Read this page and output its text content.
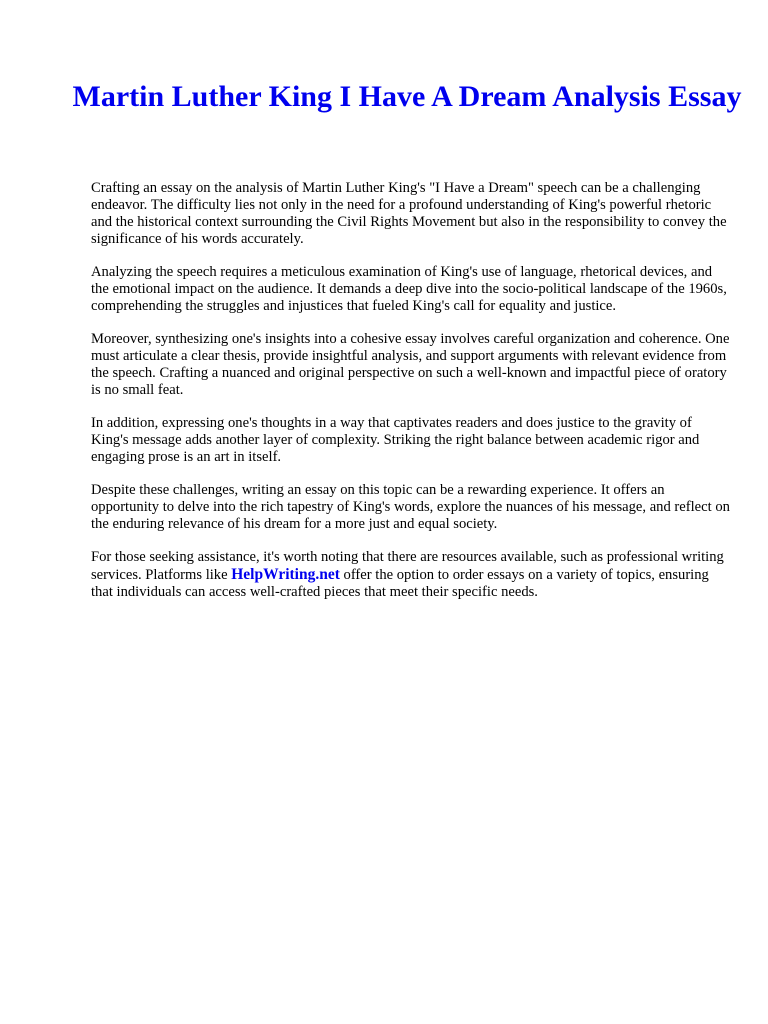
Martin Luther King I Have A Dream Analysis Essay

Crafting an essay on the analysis of Martin Luther King's "I Have a Dream" speech can be a challenging endeavor. The difficulty lies not only in the need for a profound understanding of King's powerful rhetoric and the historical context surrounding the Civil Rights Movement but also in the responsibility to convey the significance of his words accurately.

Analyzing the speech requires a meticulous examination of King's use of language, rhetorical devices, and the emotional impact on the audience. It demands a deep dive into the socio-political landscape of the 1960s, comprehending the struggles and injustices that fueled King's call for equality and justice.

Moreover, synthesizing one's insights into a cohesive essay involves careful organization and coherence. One must articulate a clear thesis, provide insightful analysis, and support arguments with relevant evidence from the speech. Crafting a nuanced and original perspective on such a well-known and impactful piece of oratory is no small feat.

In addition, expressing one's thoughts in a way that captivates readers and does justice to the gravity of King's message adds another layer of complexity. Striking the right balance between academic rigor and engaging prose is an art in itself.

Despite these challenges, writing an essay on this topic can be a rewarding experience. It offers an opportunity to delve into the rich tapestry of King's words, explore the nuances of his message, and reflect on the enduring relevance of his dream for a more just and equal society.

For those seeking assistance, it's worth noting that there are resources available, such as professional writing services. Platforms like HelpWriting.net offer the option to order essays on a variety of topics, ensuring that individuals can access well-crafted pieces that meet their specific needs.
